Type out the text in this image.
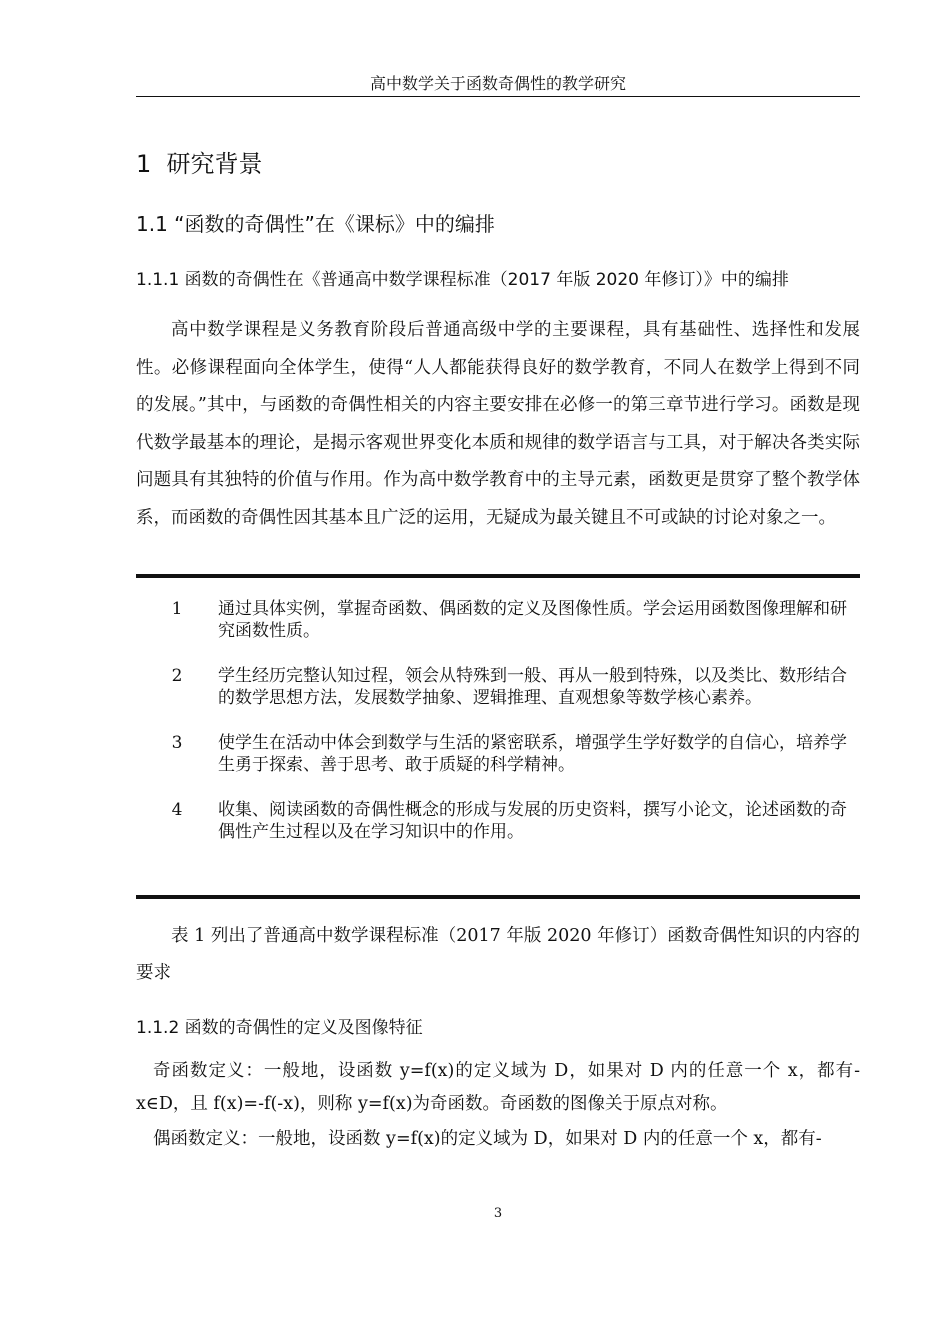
高中数学关于函数奇偶性的教学研究
1  研究背景
1.1 “函数的奇偶性”在《课标》中的编排
1.1.1 函数的奇偶性在《普通高中数学课程标准（2017 年版 2020 年修订）》中的编排

高中数学课程是义务教育阶段后普通高级中学的主要课程，具有基础性、选择性和发展性。必修课程面向全体学生，使得“人人都能获得良好的数学教育，不同人在数学上得到不同的发展。”其中，与函数的奇偶性相关的内容主要安排在必修一的第三章节进行学习。函数是现代数学最基本的理论，是揭示客观世界变化本质和规律的数学语言与工具，对于解决各类实际问题具有其独特的价值与作用。作为高中数学教育中的主导元素，函数更是贯穿了整个教学体系，而函数的奇偶性因其基本且广泛的运用，无疑成为最关键且不可或缺的讨论对象之一。

1	通过具体实例，掌握奇函数、偶函数的定义及图像性质。学会运用函数图像理解和研究函数性质。
2	学生经历完整认知过程，领会从特殊到一般、再从一般到特殊，以及类比、数形结合的数学思想方法，发展数学抽象、逻辑推理、直观想象等数学核心素养。
3	使学生在活动中体会到数学与生活的紧密联系，增强学生学好数学的自信心，培养学生勇于探索、善于思考、敢于质疑的科学精神。
4	收集、阅读函数的奇偶性概念的形成与发展的历史资料，撰写小论文，论述函数的奇偶性产生过程以及在学习知识中的作用。

表 1 列出了普通高中数学课程标准（2017 年版 2020 年修订）函数奇偶性知识的内容的要求

1.1.2 函数的奇偶性的定义及图像特征

奇函数定义：一般地，设函数 y=f(x)的定义域为 D，如果对 D 内的任意一个 x，都有-x∈D，且 f(x)=-f(-x)，则称 y=f(x)为奇函数。奇函数的图像关于原点对称。

偶函数定义：一般地，设函数 y=f(x)的定义域为 D，如果对 D 内的任意一个 x，都有-

3
